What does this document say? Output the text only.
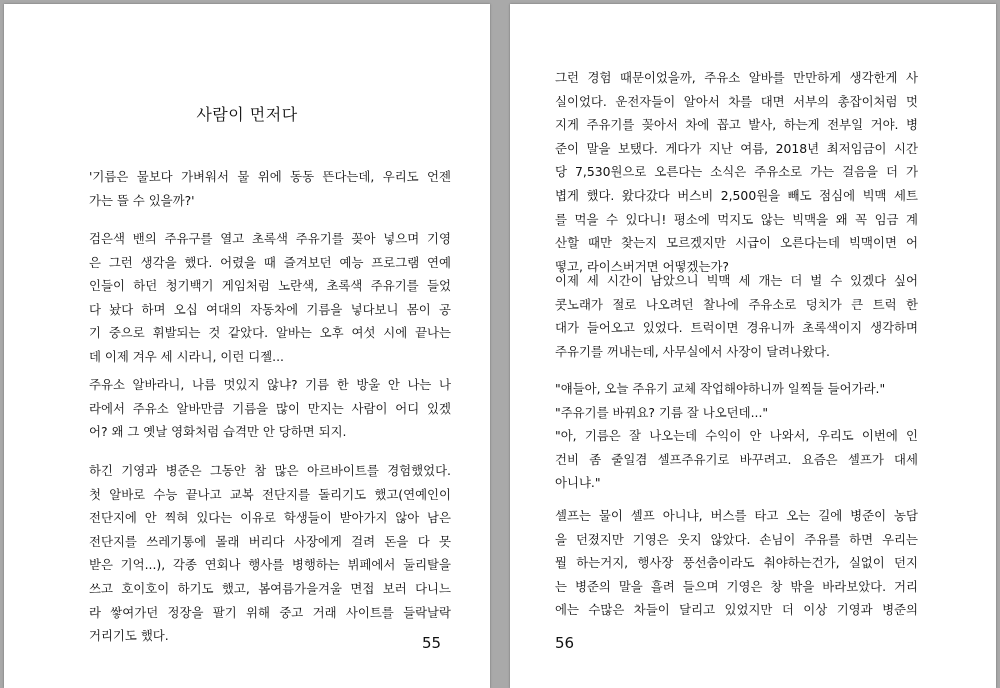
사람이 먼저다
'기름은 물보다 가벼워서 물 위에 동동 뜬다는데, 우리도 언젠
가는 뜰 수 있을까?'
검은색 밴의 주유구를 열고 초록색 주유기를 꽂아 넣으며 기영
은 그런 생각을 했다. 어렸을 때 즐겨보던 예능 프로그램 연예
인들이 하던 청기백기 게임처럼 노란색, 초록색 주유기를 들었
다 놨다 하며 오십 여대의 자동차에 기름을 넣다보니 몸이 공
기 중으로 휘발되는 것 같았다. 알바는 오후 여섯 시에 끝나는
데 이제 겨우 세 시라니, 이런 디젤...
주유소 알바라니, 나름 멋있지 않냐? 기름 한 방울 안 나는 나
라에서 주유소 알바만큼 기름을 많이 만지는 사람이 어디 있겠
어? 왜 그 옛날 영화처럼 습격만 안 당하면 되지.
하긴 기영과 병준은 그동안 참 많은 아르바이트를 경험했었다.
첫 알바로 수능 끝나고 교복 전단지를 돌리기도 했고(연예인이
전단지에 안 찍혀 있다는 이유로 학생들이 받아가지 않아 남은
전단지를 쓰레기통에 몰래 버리다 사장에게 걸려 돈을 다 못
받은 기억...), 각종 연회나 행사를 병행하는 뷔페에서 둘리탈을
쓰고 호이호이 하기도 했고, 봄여름가을겨울 면접 보러 다니느
라 쌓여가던 정장을 팔기 위해 중고 거래 사이트를 들락날락
거리기도 했다.	55
그런 경험 때문이었을까, 주유소 알바를 만만하게 생각한게 사
실이었다. 운전자들이 알아서 차를 대면 서부의 총잡이처럼 멋
지게 주유기를 꽂아서 차에 꼽고 발사, 하는게 전부일 거야. 병
준이 말을 보탰다. 게다가 지난 여름, 2018년 최저임금이 시간
당 7,530원으로 오른다는 소식은 주유소로 가는 걸음을 더 가
볍게 했다. 왔다갔다 버스비 2,500원을 빼도 점심에 빅맥 세트
를 먹을 수 있다니! 평소에 먹지도 않는 빅맥을 왜 꼭 임금 계
산할 때만 찾는지 모르겠지만 시급이 오른다는데 빅맥이면 어
떻고, 라이스버거면 어떻겠는가?
이제 세 시간이 남았으니 빅맥 세 개는 더 벌 수 있겠다 싶어
콧노래가 절로 나오려던 찰나에 주유소로 덩치가 큰 트럭 한
대가 들어오고 있었다. 트럭이면 경유니까 초록색이지 생각하며
주유기를 꺼내는데, 사무실에서 사장이 달려나왔다.
"얘들아, 오늘 주유기 교체 작업해야하니까 일찍들 들어가라."
"주유기를 바꿔요? 기름 잘 나오던데..."
"아, 기름은 잘 나오는데 수익이 안 나와서, 우리도 이번에 인
건비 좀 줄일겸 셀프주유기로 바꾸려고. 요즘은 셀프가 대세
아니냐."
셀프는 물이 셀프 아니냐, 버스를 타고 오는 길에 병준이 농담
을 던졌지만 기영은 웃지 않았다. 손님이 주유를 하면 우리는
뭘 하는거지, 행사장 풍선춤이라도 춰야하는건가, 실없이 던지
는 병준의 말을 흘려 들으며 기영은 창 밖을 바라보았다. 거리
에는 수많은 차들이 달리고 있었지만 더 이상 기영과 병준의
56
